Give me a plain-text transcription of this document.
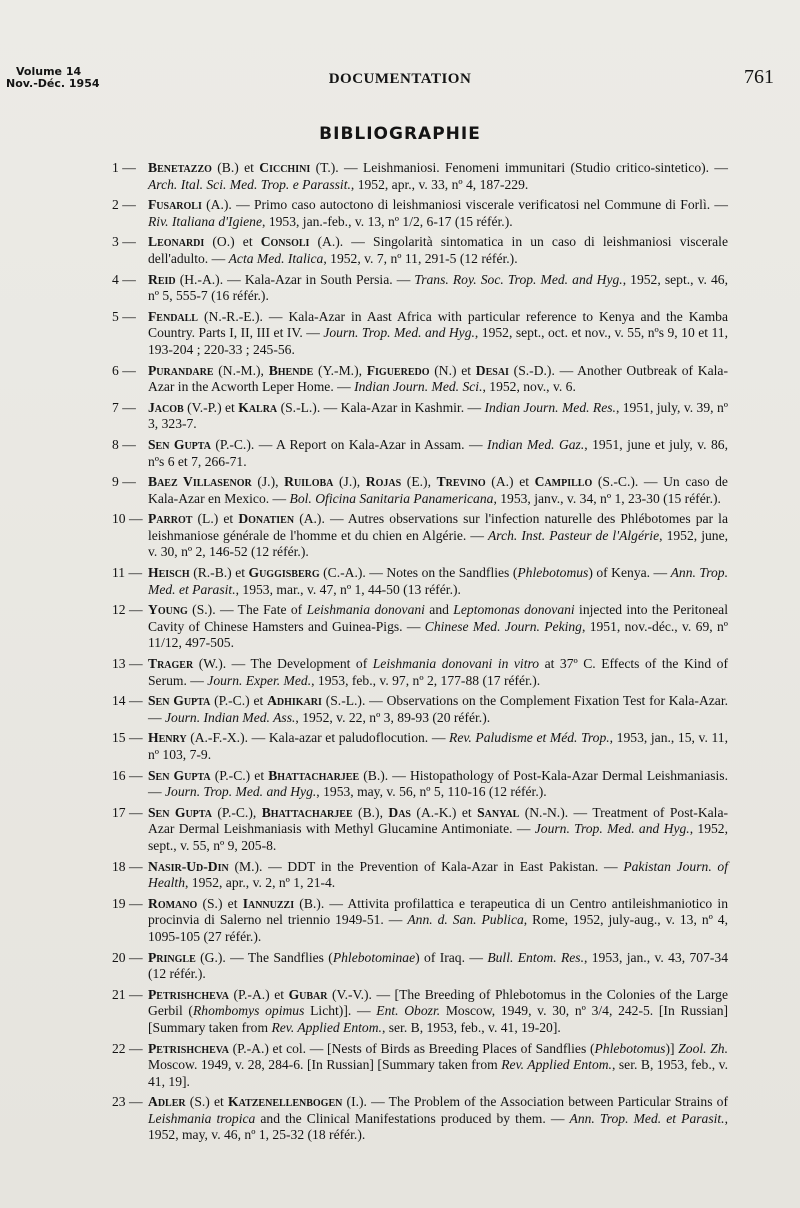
Volume 14
Nov.-Déc. 1954	DOCUMENTATION	761
BIBLIOGRAPHIE
1 — Benetazzo (B.) et Cicchini (T.). — Leishmaniosi. Fenomeni immunitari (Studio critico-sintetico). — Arch. Ital. Sci. Med. Trop. e Parassit., 1952, apr., v. 33, nº 4, 187-229.
2 — Fusaroli (A.). — Primo caso autoctono di leishmaniosi viscerale verificatosi nel Commune di Forlì. — Riv. Italiana d'Igiene, 1953, jan.-feb., v. 13, nº 1/2, 6-17 (15 référ.).
3 — Leonardi (O.) et Consoli (A.). — Singolarità sintomatica in un caso di leishmaniosi viscerale dell'adulto. — Acta Med. Italica, 1952, v. 7, nº 11, 291-5 (12 référ.).
4 — Reid (H.-A.). — Kala-Azar in South Persia. — Trans. Roy. Soc. Trop. Med. and Hyg., 1952, sept., v. 46, nº 5, 555-7 (16 référ.).
5 — Fendall (N.-R.-E.). — Kala-Azar in Aast Africa with particular reference to Kenya and the Kamba Country. Parts I, II, III et IV. — Journ. Trop. Med. and Hyg., 1952, sept., oct. et nov., v. 55, nºs 9, 10 et 11, 193-204 ; 220-33 ; 245-56.
6 — Purandare (N.-M.), Bhende (Y.-M.), Figueredo (N.) et Desai (S.-D.). — Another Outbreak of Kala-Azar in the Acworth Leper Home. — Indian Journ. Med. Sci., 1952, nov., v. 6.
7 — Jacob (V.-P.) et Kalra (S.-L.). — Kala-Azar in Kashmir. — Indian Journ. Med. Res., 1951, july, v. 39, nº 3, 323-7.
8 — Sen Gupta (P.-C.). — A Report on Kala-Azar in Assam. — Indian Med. Gaz., 1951, june et july, v. 86, nºs 6 et 7, 266-71.
9 — Baez Villasenor (J.), Ruiloba (J.), Rojas (E.), Trevino (A.) et Campillo (S.-C.). — Un caso de Kala-Azar en Mexico. — Bol. Oficina Sanitaria Panamericana, 1953, janv., v. 34, nº 1, 23-30 (15 référ.).
10 — Parrot (L.) et Donatien (A.). — Autres observations sur l'infection naturelle des Phlébotomes par la leishmaniose générale de l'homme et du chien en Algérie. — Arch. Inst. Pasteur de l'Algérie, 1952, june, v. 30, nº 2, 146-52 (12 référ.).
11 — Heisch (R.-B.) et Guggisberg (C.-A.). — Notes on the Sandflies (Phlebotomus) of Kenya. — Ann. Trop. Med. et Parasit., 1953, mar., v. 47, nº 1, 44-50 (13 référ.).
12 — Young (S.). — The Fate of Leishmania donovani and Leptomonas donovani injected into the Peritoneal Cavity of Chinese Hamsters and Guinea-Pigs. — Chinese Med. Journ. Peking, 1951, nov.-déc., v. 69, nº 11/12, 497-505.
13 — Trager (W.). — The Development of Leishmania donovani in vitro at 37º C. Effects of the Kind of Serum. — Journ. Exper. Med., 1953, feb., v. 97, nº 2, 177-88 (17 référ.).
14 — Sen Gupta (P.-C.) et Adhikari (S.-L.). — Observations on the Complement Fixation Test for Kala-Azar. — Journ. Indian Med. Ass., 1952, v. 22, nº 3, 89-93 (20 référ.).
15 — Henry (A.-F.-X.). — Kala-azar et paludoflocution. — Rev. Paludisme et Méd. Trop., 1953, jan., 15, v. 11, nº 103, 7-9.
16 — Sen Gupta (P.-C.) et Bhattacharjee (B.). — Histopathology of Post-Kala-Azar Dermal Leishmaniasis. — Journ. Trop. Med. and Hyg., 1953, may, v. 56, nº 5, 110-16 (12 référ.).
17 — Sen Gupta (P.-C.), Bhattacharjee (B.), Das (A.-K.) et Sanyal (N.-N.). — Treatment of Post-Kala-Azar Dermal Leishmaniasis with Methyl Glucamine Antimoniate. — Journ. Trop. Med. and Hyg., 1952, sept., v. 55, nº 9, 205-8.
18 — Nasir-Ud-Din (M.). — DDT in the Prevention of Kala-Azar in East Pakistan. — Pakistan Journ. of Health, 1952, apr., v. 2, nº 1, 21-4.
19 — Romano (S.) et Iannuzzi (B.). — Attivita profilattica e terapeutica di un Centro antileishmaniotico in procinvia di Salerno nel triennio 1949-51. — Ann. d. San. Publica, Rome, 1952, july-aug., v. 13, nº 4, 1095-105 (27 référ.).
20 — Pringle (G.). — The Sandflies (Phlebotominae) of Iraq. — Bull. Entom. Res., 1953, jan., v. 43, 707-34 (12 référ.).
21 — Petrishcheva (P.-A.) et Gubar (V.-V.). — [The Breeding of Phlebotomus in the Colonies of the Large Gerbil (Rhombomys opimus Licht)]. — Ent. Obozr. Moscow, 1949, v. 30, nº 3/4, 242-5. [In Russian] [Summary taken from Rev. Applied Entom., ser. B, 1953, feb., v. 41, 19-20].
22 — Petrishcheva (P.-A.) et col. — [Nests of Birds as Breeding Places of Sandflies (Phlebotomus)] Zool. Zh. Moscow. 1949, v. 28, 284-6. [In Russian] [Summary taken from Rev. Applied Entom., ser. B, 1953, feb., v. 41, 19].
23 — Adler (S.) et Katzenellenbogen (I.). — The Problem of the Association between Particular Strains of Leishmania tropica and the Clinical Manifestations produced by them. — Ann. Trop. Med. et Parasit., 1952, may, v. 46, nº 1, 25-32 (18 référ.).
